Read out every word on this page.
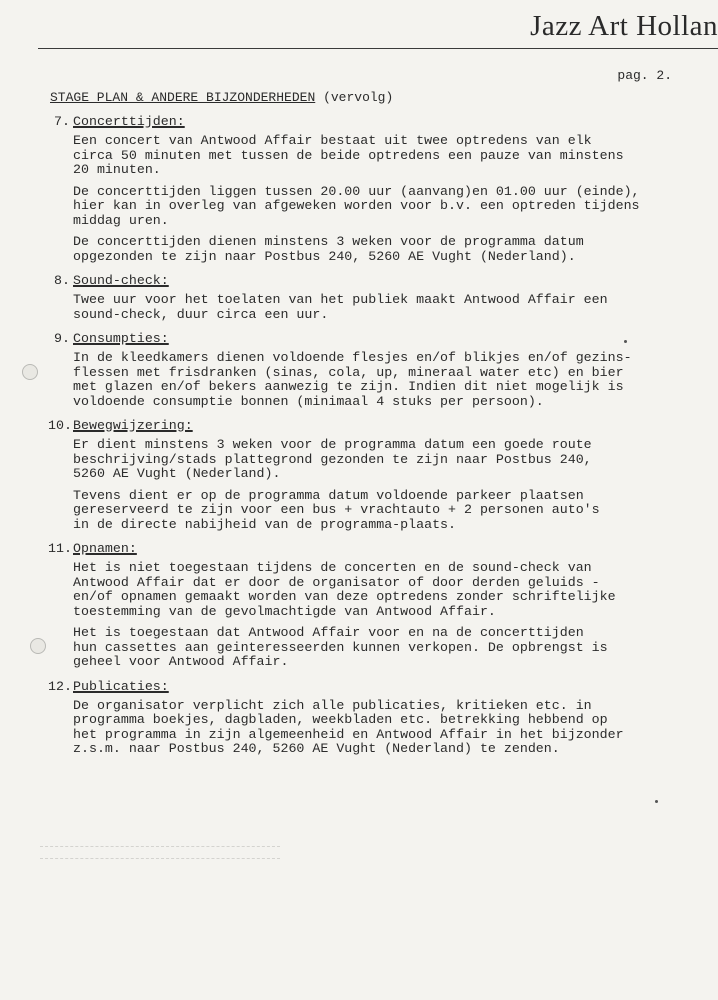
Jazz Art Hollan
pag. 2.
STAGE PLAN & ANDERE BIJZONDERHEDEN (vervolg)
7. Concerttijden:
Een concert van Antwood Affair bestaat uit twee optredens van elk
circa 50 minuten met tussen de beide optredens een pauze van minstens
20 minuten.
De concerttijden liggen tussen 20.00 uur (aanvang)en 01.00 uur (einde),
hier kan in overleg van afgeweken worden voor b.v. een optreden tijdens
middag uren.
De concerttijden dienen minstens 3 weken voor de programma datum
opgezonden te zijn naar Postbus 240, 5260 AE Vught (Nederland).
8. Sound-check:
Twee uur voor het toelaten van het publiek maakt Antwood Affair een
sound-check, duur circa een uur.
9. Consumpties:
In de kleedkamers dienen voldoende flesjes en/of blikjes en/of gezins-
flessen met frisdranken (sinas, cola, up, mineraal water etc) en bier
met glazen en/of bekers aanwezig te zijn. Indien dit niet mogelijk is
voldoende consumptie bonnen (minimaal 4 stuks per persoon).
10.Bewegwijzering:
Er dient minstens 3 weken voor de programma datum een goede route
beschrijving/stads plattegrond gezonden te zijn naar Postbus 240,
5260 AE Vught (Nederland).
Tevens dient er op de programma datum voldoende parkeer plaatsen
gereserveerd te zijn voor een bus + vrachtauto + 2 personen auto's
in de directe nabijheid van de programma-plaats.
11.Opnamen:
Het is niet toegestaan tijdens de concerten en de sound-check van
Antwood Affair dat er door de organisator of door derden geluids -
en/of opnamen gemaakt worden van deze optredens zonder schriftelijke
toestemming van de gevolmachtigde van Antwood Affair.
Het is toegestaan dat Antwood Affair voor en na de concerttijden
hun cassettes aan geinteresseerden kunnen verkopen. De opbrengst is
geheel voor Antwood Affair.
12.Publicaties:
De organisator verplicht zich alle publicaties, kritieken etc. in
programma boekjes, dagbladen, weekbladen etc. betrekking hebbend op
het programma in zijn algemeenheid en Antwood Affair in het bijzonder
z.s.m. naar Postbus 240, 5260 AE Vught (Nederland) te zenden.
